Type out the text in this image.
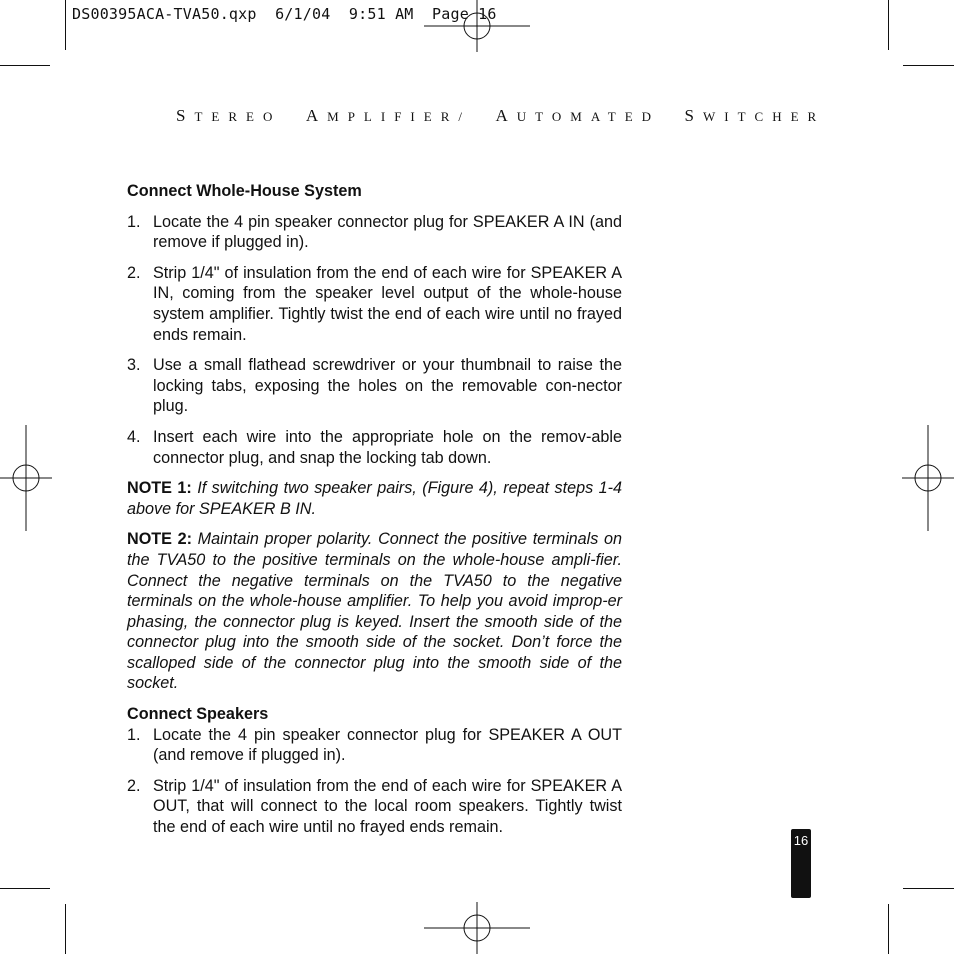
DS00395ACA-TVA50.qxp  6/1/04  9:51 AM  Page 16
STEREO AMPLIFIER/ AUTOMATED SWITCHER
Connect Whole-House System
1. Locate the 4 pin speaker connector plug for SPEAKER A IN (and remove if plugged in).
2. Strip 1/4" of insulation from the end of each wire for SPEAKER A IN, coming from the speaker level output of the whole-house system amplifier. Tightly twist the end of each wire until no frayed ends remain.
3. Use a small flathead screwdriver or your thumbnail to raise the locking tabs, exposing the holes on the removable con-nector plug.
4. Insert each wire into the appropriate hole on the remov-able connector plug, and snap the locking tab down.

NOTE 1: If switching two speaker pairs, (Figure 4), repeat steps 1-4 above for SPEAKER B IN.

NOTE 2: Maintain proper polarity. Connect the positive terminals on the TVA50 to the positive terminals on the whole-house ampli-fier. Connect the negative terminals on the TVA50 to the negative terminals on the whole-house amplifier. To help you avoid improp-er phasing, the connector plug is keyed. Insert the smooth side of the connector plug into the smooth side of the socket. Don’t force the scalloped side of the connector plug into the smooth side of the socket.

Connect Speakers
1. Locate the 4 pin speaker connector plug for SPEAKER A OUT (and remove if plugged in).
2. Strip 1/4" of insulation from the end of each wire for SPEAKER A OUT, that will connect to the local room speakers. Tightly twist the end of each wire until no frayed ends remain.
16
